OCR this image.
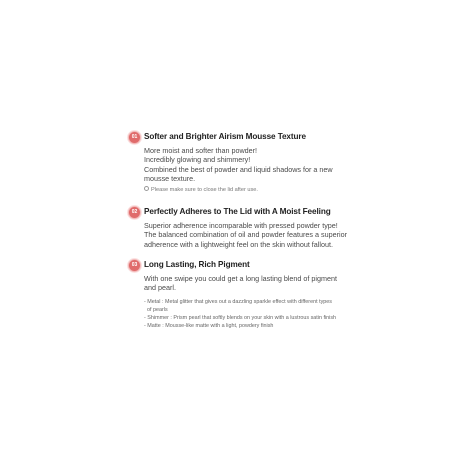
01 Softer and Brighter Airism Mousse Texture
More moist and softer than powder!
Incredibly glowing and shimmery!
Combined the best of powder and liquid shadows for a new
mousse texture.
Please make sure to close the lid after use.
02 Perfectly Adheres to The Lid with A Moist Feeling
Superior adherence incomparable with pressed powder type!
The balanced combination of oil and powder features a superior
adherence with a lightweight feel on the skin without fallout.
03 Long Lasting, Rich Pigment
With one swipe you could get a long lasting blend of pigment
and pearl.
- Metal : Metal glitter that gives out a dazzling sparkle effect with different types
of pearls
- Shimmer : Prism pearl that softly blends on your skin with a lustrous satin finish
- Matte : Mousse-like matte with a light, powdery finish
